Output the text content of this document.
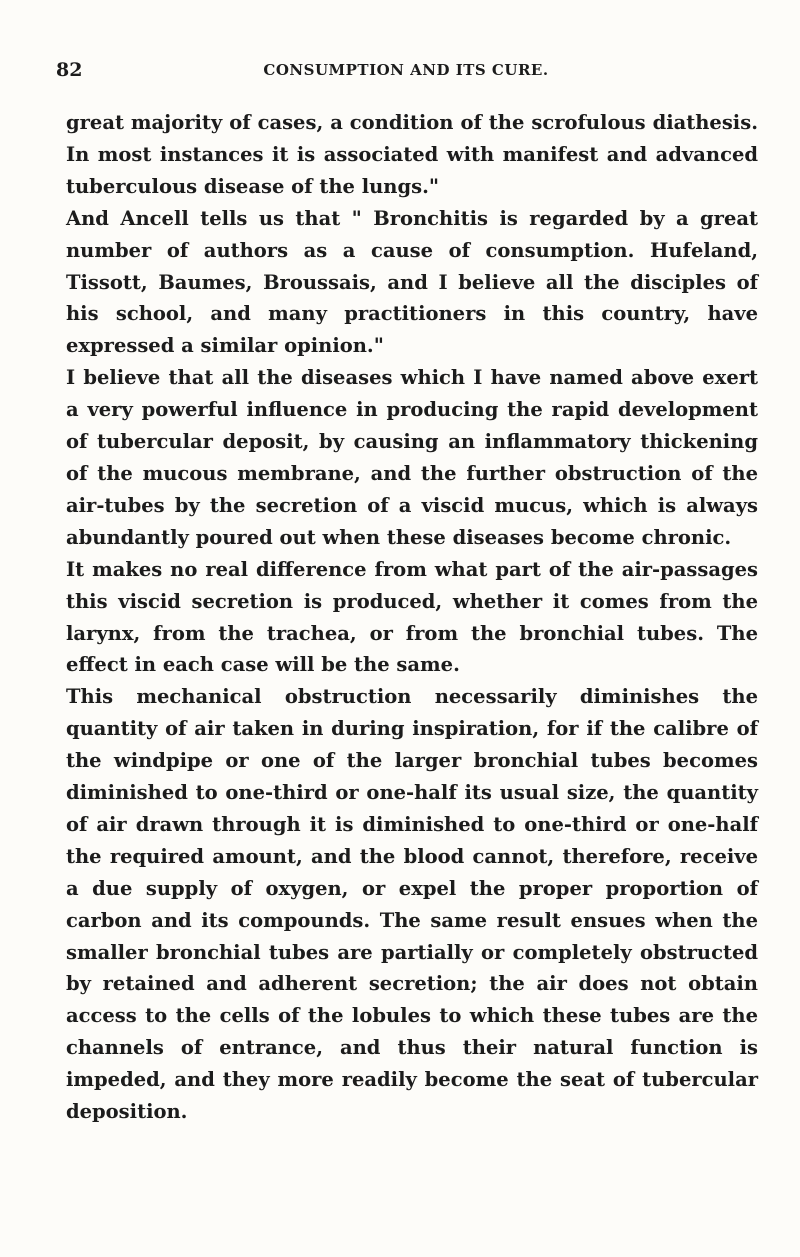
82	CONSUMPTION AND ITS CURE.

great majority of cases, a condition of the scrofulous diathesis. In most instances it is associated with manifest and advanced tuberculous disease of the lungs."

And Ancell tells us that " Bronchitis is regarded by a great number of authors as a cause of consumption. Hufeland, Tissott, Baumes, Broussais, and I believe all the disciples of his school, and many practitioners in this country, have expressed a similar opinion."

I believe that all the diseases which I have named above exert a very powerful influence in producing the rapid development of tubercular deposit, by causing an inflammatory thickening of the mucous membrane, and the further obstruction of the air-tubes by the secretion of a viscid mucus, which is always abundantly poured out when these diseases become chronic.

It makes no real difference from what part of the air-passages this viscid secretion is produced, whether it comes from the larynx, from the trachea, or from the bronchial tubes. The effect in each case will be the same.

This mechanical obstruction necessarily diminishes the quantity of air taken in during inspiration, for if the calibre of the windpipe or one of the larger bronchial tubes becomes diminished to one-third or one-half its usual size, the quantity of air drawn through it is diminished to one-third or one-half the required amount, and the blood cannot, therefore, receive a due supply of oxygen, or expel the proper proportion of carbon and its compounds. The same result ensues when the smaller bronchial tubes are partially or completely obstructed by retained and adherent secretion; the air does not obtain access to the cells of the lobules to which these tubes are the channels of entrance, and thus their natural function is impeded, and they more readily become the seat of tubercular deposition.
